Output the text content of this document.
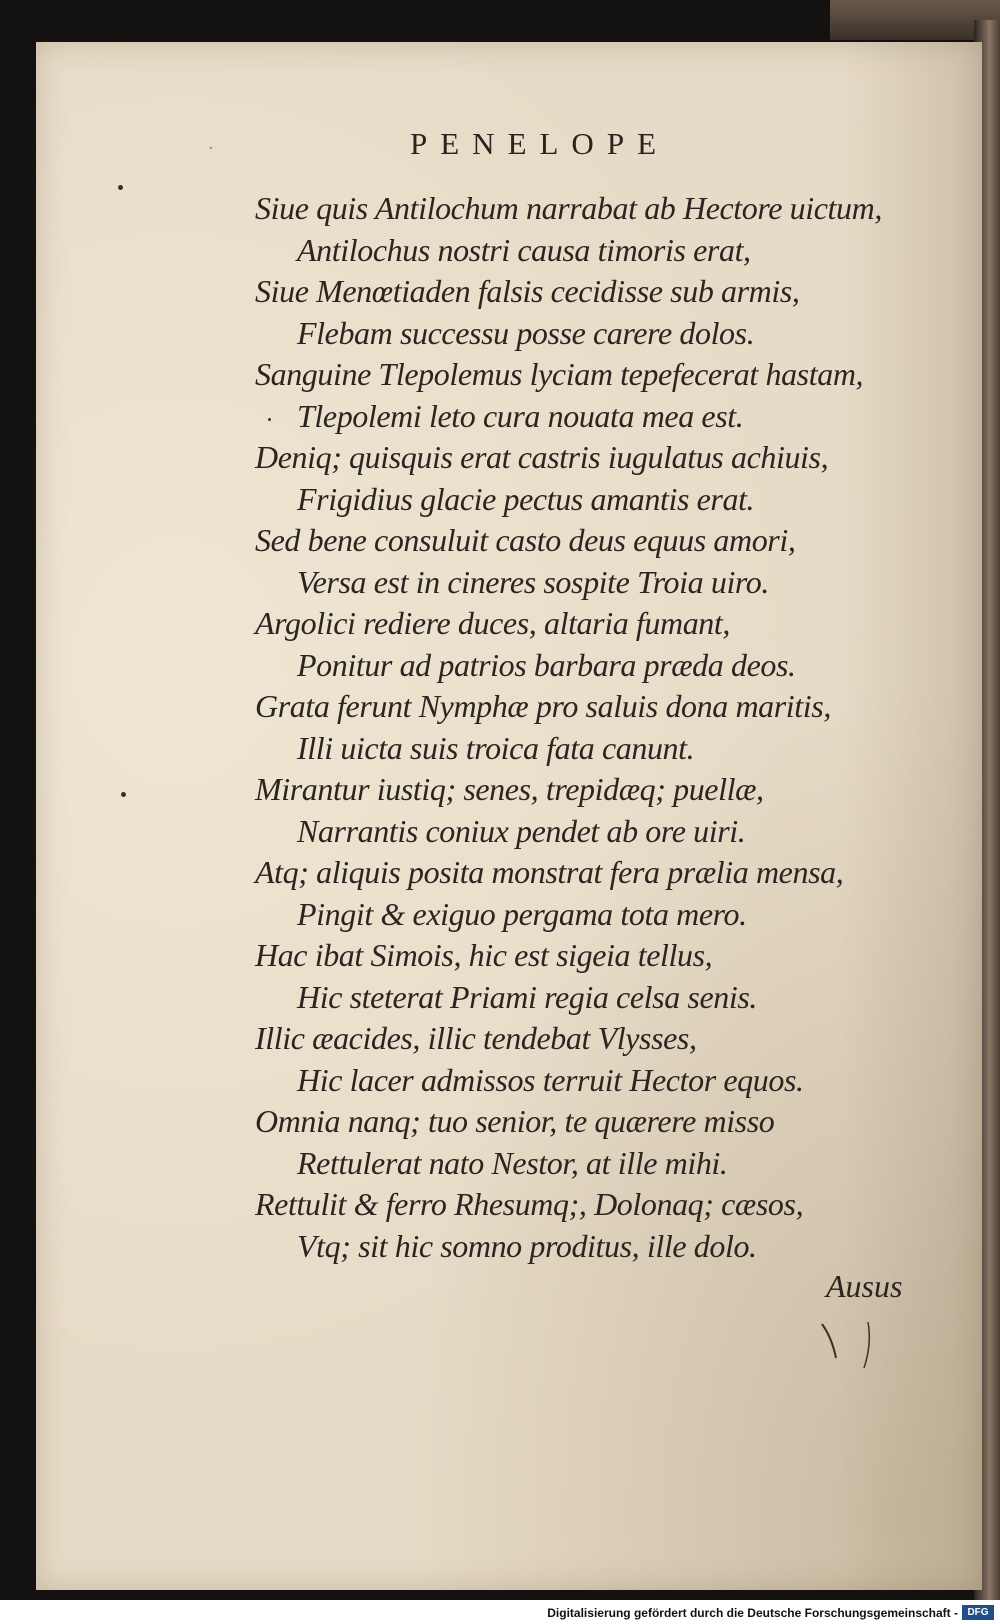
·	PENELOPE
Siue quis Antilochum narrabat ab Hectore uictum,
Antilochus nostri causa timoris erat,
Siue Menœtiaden falsis cecidisse sub armis,
Flebam successu posse carere dolos.
Sanguine Tlepolemus lyciam tepefecerat hastam,
Tlepolemi leto cura nouata mea est.
Deniq; quisquis erat castris iugulatus achiuis,
Frigidius glacie pectus amantis erat.
Sed bene consuluit casto deus equus amori,
Versa est in cineres sospite Troia uiro.
Argolici rediere duces, altaria fumant,
Ponitur ad patrios barbara præda deos.
Grata ferunt Nymphæ pro saluis dona maritis,
Illi uicta suis troica fata canunt.
Mirantur iustiq; senes, trepidæq; puellæ,
Narrantis coniux pendet ab ore uiri.
Atq; aliquis posita monstrat fera prælia mensa,
Pingit & exiguo pergama tota mero.
Hac ibat Simois, hic est sigeia tellus,
Hic steterat Priami regia celsa senis.
Illic æacides, illic tendebat Vlysses,
Hic lacer admissos terruit Hector equos.
Omnia nanq; tuo senior, te quærere misso
Rettulerat nato Nestor, at ille mihi.
Rettulit & ferro Rhesumq;, Dolonaq; cæsos,
Vtq; sit hic somno proditus, ille dolo.
Ausus
Digitalisierung gefördert durch die Deutsche Forschungsgemeinschaft - DFG
